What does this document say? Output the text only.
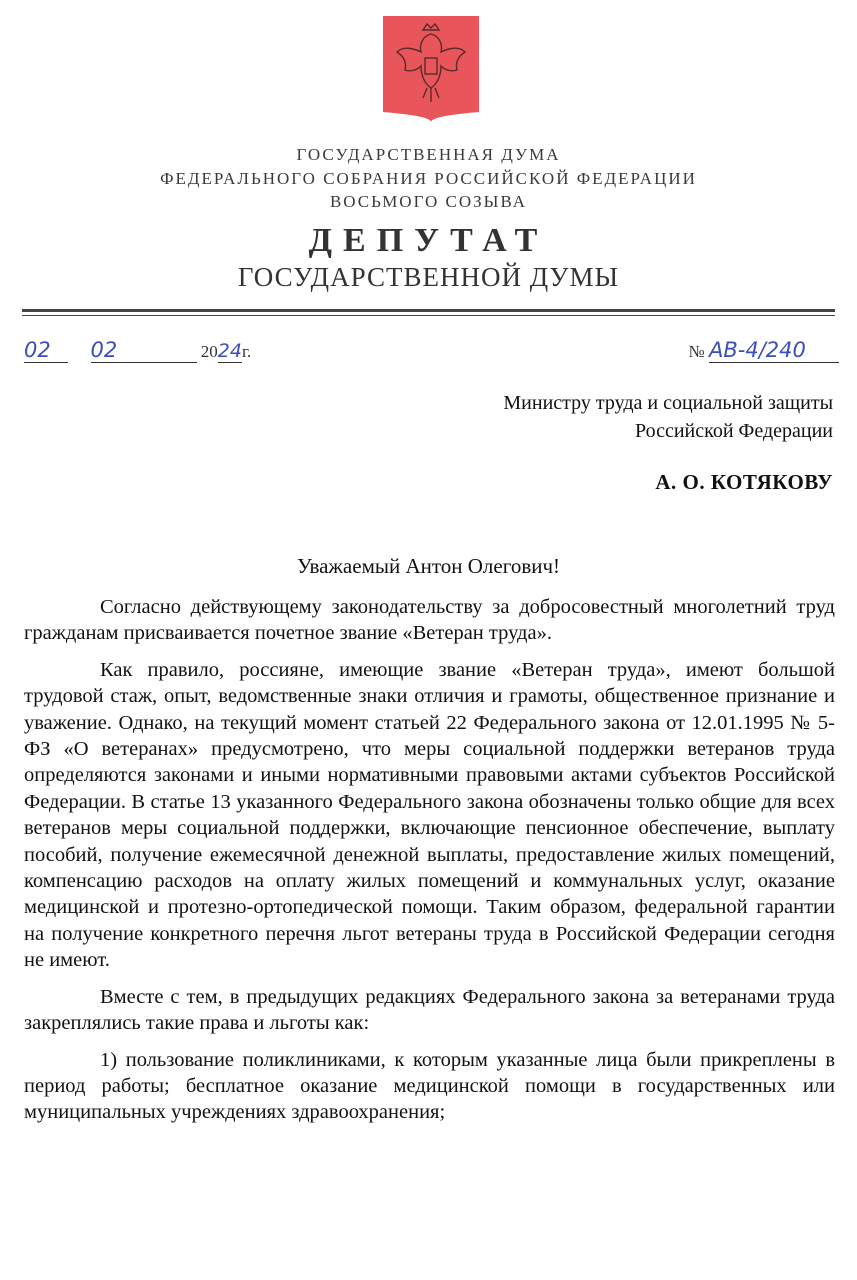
ГОСУДАРСТВЕННАЯ ДУМА
ФЕДЕРАЛЬНОГО СОБРАНИЯ РОССИЙСКОЙ ФЕДЕРАЦИИ
ВОСЬМОГО СОЗЫВА
ДЕПУТАТ
ГОСУДАРСТВЕННОЙ ДУМЫ
02 02	2024г.	№ АВ-4/240
Министру труда и социальной защиты
Российской Федерации
А. О. КОТЯКОВУ
Уважаемый Антон Олегович!

Согласно действующему законодательству за добросовестный многолетний труд гражданам присваивается почетное звание «Ветеран труда».

Как правило, россияне, имеющие звание «Ветеран труда», имеют большой трудовой стаж, опыт, ведомственные знаки отличия и грамоты, общественное признание и уважение. Однако, на текущий момент статьей 22 Федерального закона от 12.01.1995 № 5-ФЗ «О ветеранах» предусмотрено, что меры социальной поддержки ветеранов труда определяются законами и иными нормативными правовыми актами субъектов Российской Федерации. В статье 13 указанного Федерального закона обозначены только общие для всех ветеранов меры социальной поддержки, включающие пенсионное обеспечение, выплату пособий, получение ежемесячной денежной выплаты, предоставление жилых помещений, компенсацию расходов на оплату жилых помещений и коммунальных услуг, оказание медицинской и протезно-ортопедической помощи. Таким образом, федеральной гарантии на получение конкретного перечня льгот ветераны труда в Российской Федерации сегодня не имеют.

Вместе с тем, в предыдущих редакциях Федерального закона за ветеранами труда закреплялись такие права и льготы как:

1) пользование поликлиниками, к которым указанные лица были прикреплены в период работы; бесплатное оказание медицинской помощи в государственных или муниципальных учреждениях здравоохранения;
